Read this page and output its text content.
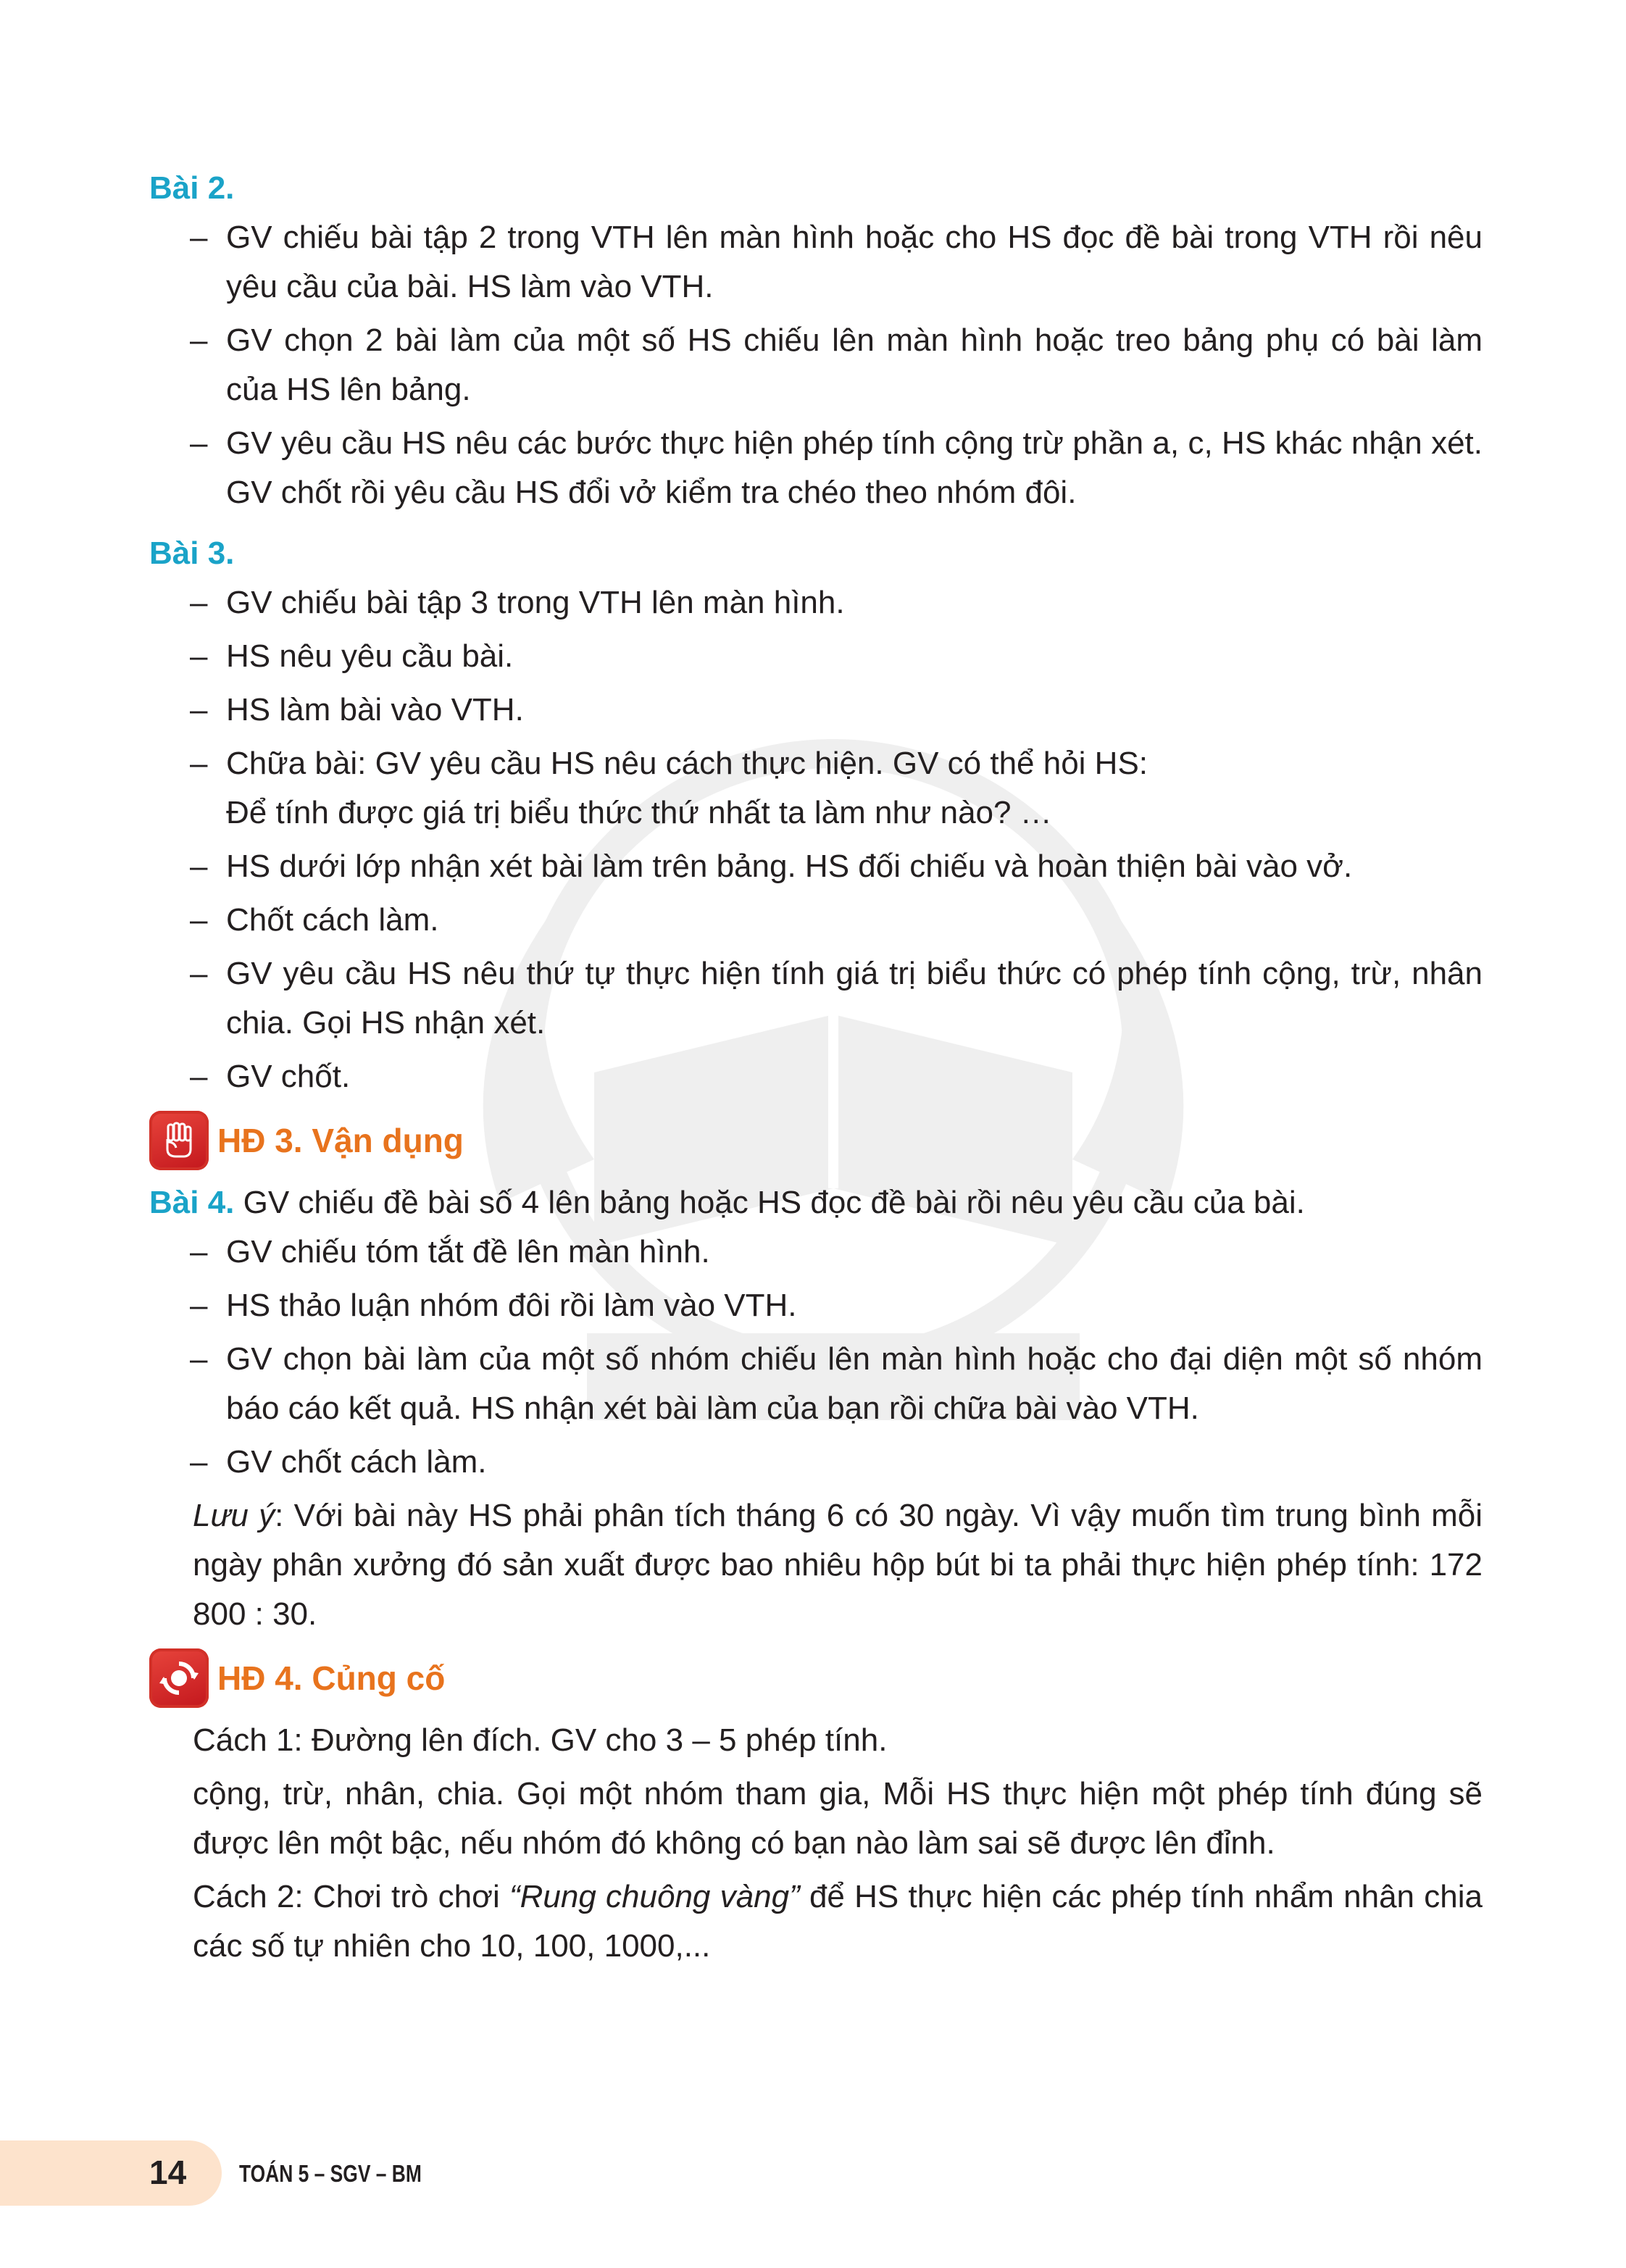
Bài 2.

– GV chiếu bài tập 2 trong VTH lên màn hình hoặc cho HS đọc đề bài trong VTH rồi nêu yêu cầu của bài. HS làm vào VTH.

– GV chọn 2 bài làm của một số HS chiếu lên màn hình hoặc treo bảng phụ có bài làm của HS lên bảng.

– GV yêu cầu HS nêu các bước thực hiện phép tính cộng trừ phần a, c, HS khác nhận xét. GV chốt rồi yêu cầu HS đổi vở kiểm tra chéo theo nhóm đôi.

Bài 3.

– GV chiếu bài tập 3 trong VTH lên màn hình.

– HS nêu yêu cầu bài.

– HS làm bài vào VTH.

– Chữa bài: GV yêu cầu HS nêu cách thực hiện. GV có thể hỏi HS:
Để tính được giá trị biểu thức thứ nhất ta làm như nào? …

– HS dưới lớp nhận xét bài làm trên bảng. HS đối chiếu và hoàn thiện bài vào vở.

– Chốt cách làm.

– GV yêu cầu HS nêu thứ tự thực hiện tính giá trị biểu thức có phép tính cộng, trừ, nhân chia. Gọi HS nhận xét.

– GV chốt.

HĐ 3. Vận dụng

Bài 4. GV chiếu đề bài số 4 lên bảng hoặc HS đọc đề bài rồi nêu yêu cầu của bài.

– GV chiếu tóm tắt đề lên màn hình.

– HS thảo luận nhóm đôi rồi làm vào VTH.

– GV chọn bài làm của một số nhóm chiếu lên màn hình hoặc cho đại diện một số nhóm báo cáo kết quả. HS nhận xét bài làm của bạn rồi chữa bài vào VTH.

– GV chốt cách làm.

Lưu ý: Với bài này HS phải phân tích tháng 6 có 30 ngày. Vì vậy muốn tìm trung bình mỗi ngày phân xưởng đó sản xuất được bao nhiêu hộp bút bi ta phải thực hiện phép tính: 172 800 : 30.

HĐ 4. Củng cố

Cách 1: Đường lên đích. GV cho 3 – 5 phép tính.

cộng, trừ, nhân, chia. Gọi một nhóm tham gia, Mỗi HS thực hiện một phép tính đúng sẽ được lên một bậc, nếu nhóm đó không có bạn nào làm sai sẽ được lên đỉnh.

Cách 2: Chơi trò chơi “Rung chuông vàng” để HS thực hiện các phép tính nhẩm nhân chia các số tự nhiên cho 10, 100, 1000,...

14 TOÁN 5 – SGV – BM
